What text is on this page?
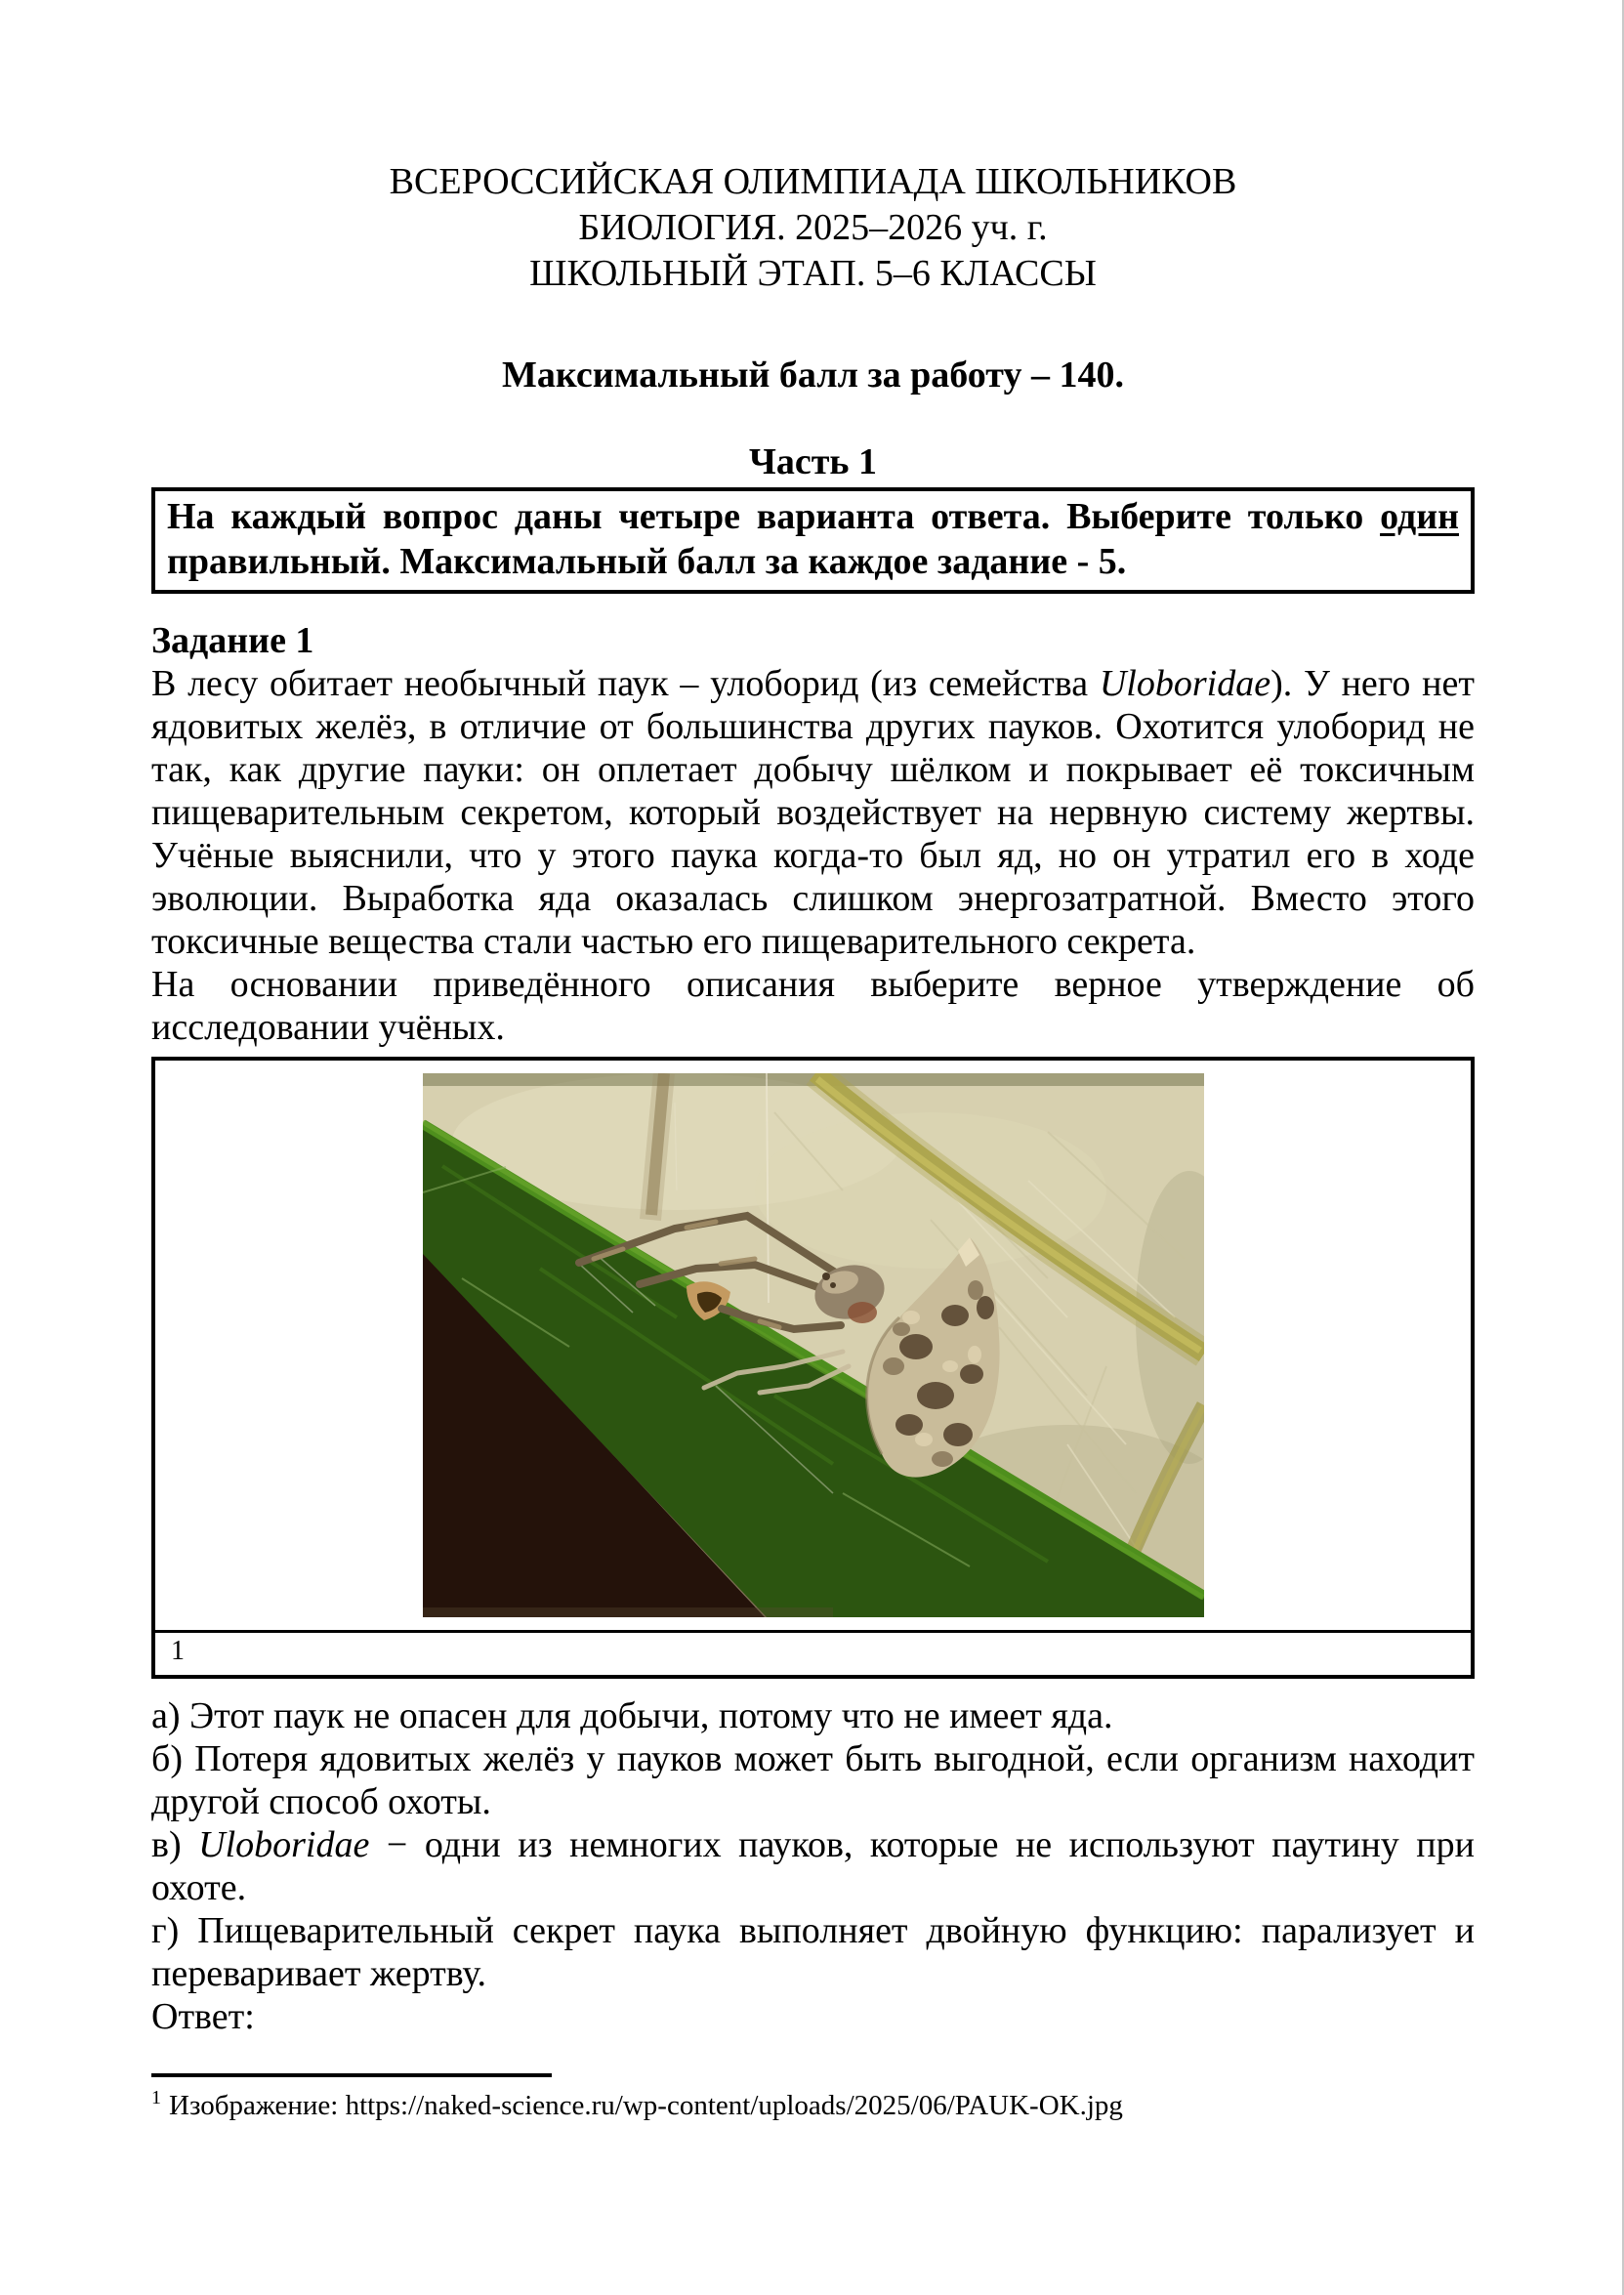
ВСЕРОССИЙСКАЯ ОЛИМПИАДА ШКОЛЬНИКОВ

БИОЛОГИЯ. 2025–2026 уч. г.

ШКОЛЬНЫЙ ЭТАП. 5–6 КЛАССЫ

Максимальный балл за работу – 140.

Часть 1

На каждый вопрос даны четыре варианта ответа. Выберите только один правильный. Максимальный балл за каждое задание - 5.

Задание 1

В лесу обитает необычный паук – улоборид (из семейства Uloboridae). У него нет ядовитых желёз, в отличие от большинства других пауков. Охотится улоборид не так, как другие пауки: он оплетает добычу шёлком и покрывает её токсичным пищеварительным секретом, который воздействует на нервную систему жертвы. Учёные выяснили, что у этого паука когда-то был яд, но он утратил его в ходе эволюции. Выработка яда оказалась слишком энергозатратной. Вместо этого токсичные вещества стали частью его пищеварительного секрета.

На основании приведённого описания выберите верное утверждение об исследовании учёных.

1

а) Этот паук не опасен для добычи, потому что не имеет яда.

б) Потеря ядовитых желёз у пауков может быть выгодной, если организм находит другой способ охоты.

в) Uloboridae − одни из немногих пауков, которые не используют паутину при охоте.

г) Пищеварительный секрет паука выполняет двойную функцию: парализует и переваривает жертву.

Ответ:

$^1$ Изображение: https://naked-science.ru/wp-content/uploads/2025/06/PAUK-OK.jpg
